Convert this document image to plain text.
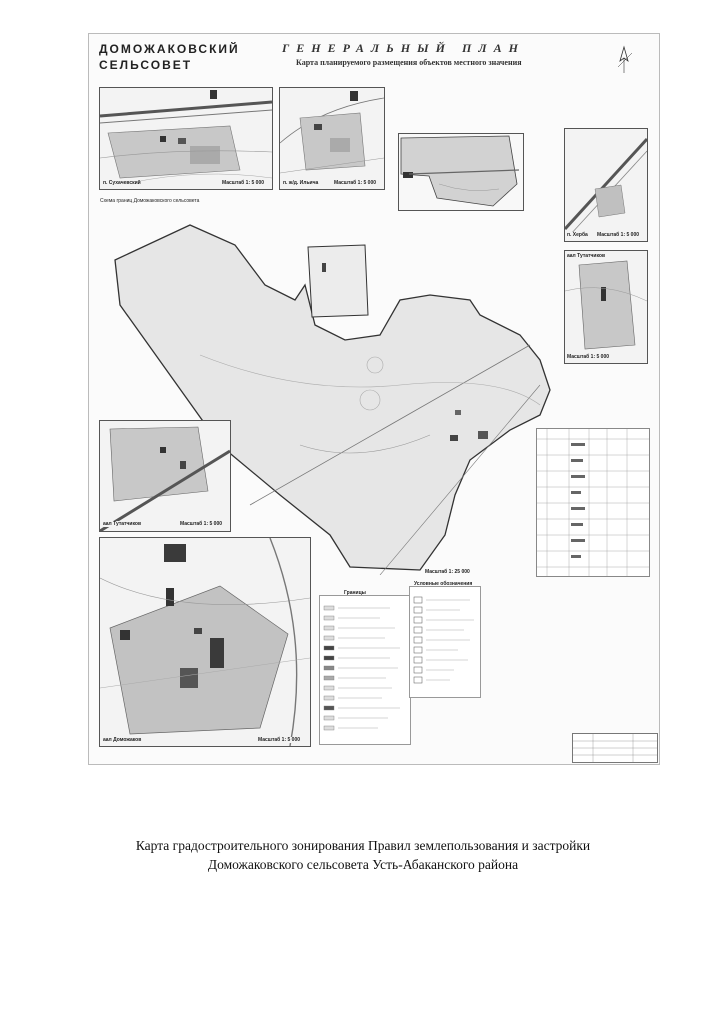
ДОМОЖАКОВСКИЙ
СЕЛЬСОВЕТ
ГЕНЕРАЛЬНЫЙ ПЛАН
Карта планируемого размещения объектов местного значения
п. Сухачевский	Масштаб 1: 5 000	п. ж/д. Ильича	Масштаб 1: 5 000
п. Херба Масштаб 1: 5 000
аал Тутатчиков
Масштаб 1: 5 000
Схема границ Доможаковского сельсовета
Масштаб 1: 25 000
аал Тутатчиков	Масштаб 1: 5 000
аал Доможаков	Масштаб 1: 5 000
Границы
Условные обозначения
Карта градостроительного зонирования Правил землепользования и застройки
Доможаковского сельсовета Усть-Абаканского района
